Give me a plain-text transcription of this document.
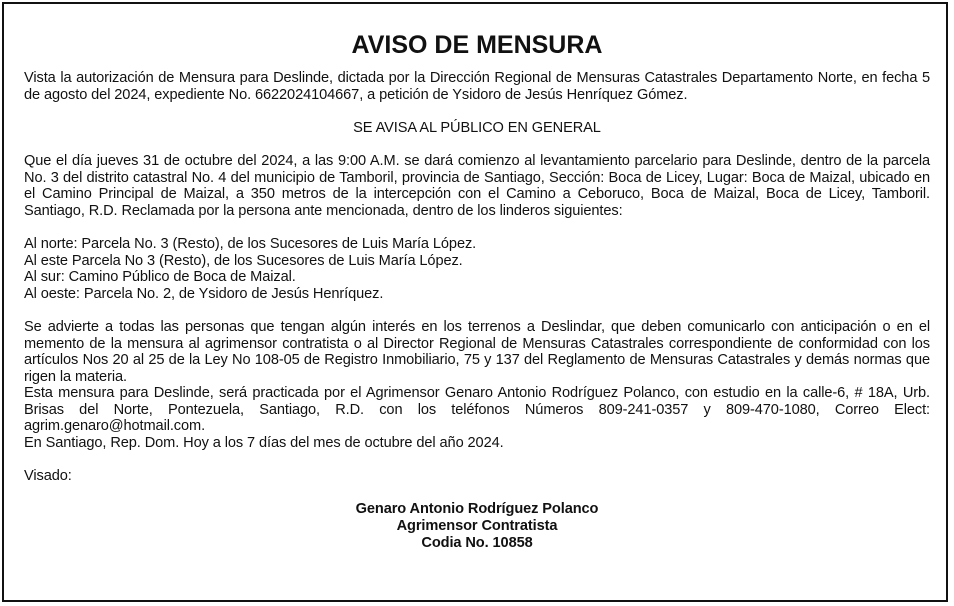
AVISO DE MENSURA

Vista la autorización de Mensura para Deslinde, dictada por la Dirección Regional de Mensuras Catastrales Departamento Norte, en fecha 5 de agosto del 2024, expediente No. 6622024104667, a petición de Ysidoro de Jesús Henríquez Gómez.

SE AVISA AL PÚBLICO EN GENERAL

Que el día jueves 31 de octubre del 2024, a las 9:00 A.M. se dará comienzo al levantamiento parcelario para Deslinde, dentro de la parcela No. 3 del distrito catastral No. 4 del municipio de Tamboril, provincia de Santiago, Sección: Boca de Licey, Lugar: Boca de Maizal, ubicado en el Camino Principal de Maizal, a 350 metros de la intercepción con el Camino a Ceboruco, Boca de Maizal, Boca de Licey, Tamboril. Santiago, R.D. Reclamada por la persona ante mencionada, dentro de los linderos siguientes:

Al norte: Parcela No. 3 (Resto), de los Sucesores de Luis María López.

Al este Parcela No 3 (Resto), de los Sucesores de Luis María López.

Al sur: Camino Público de Boca de Maizal.

Al oeste: Parcela No. 2, de Ysidoro de Jesús Henríquez.

Se advierte a todas las personas que tengan algún interés en los terrenos a Deslindar, que deben comunicarlo con anticipación o en el memento de la mensura al agrimensor contratista o al Director Regional de Mensuras Catastrales correspondiente de conformidad con los artículos Nos 20 al 25 de la Ley No 108-05 de Registro Inmobiliario, 75 y 137 del Reglamento de Mensuras Catastrales y demás normas que rigen la materia.

Esta mensura para Deslinde, será practicada por el Agrimensor Genaro Antonio Rodríguez Polanco, con estudio en la calle-6, # 18A, Urb. Brisas del Norte, Pontezuela, Santiago, R.D. con los teléfonos Números 809-241-0357 y 809-470-1080, Correo Elect: agrim.genaro@hotmail.com.

En Santiago, Rep. Dom. Hoy a los 7 días del mes de octubre del año 2024.

Visado:

Genaro Antonio Rodríguez Polanco

Agrimensor Contratista

Codia No. 10858
